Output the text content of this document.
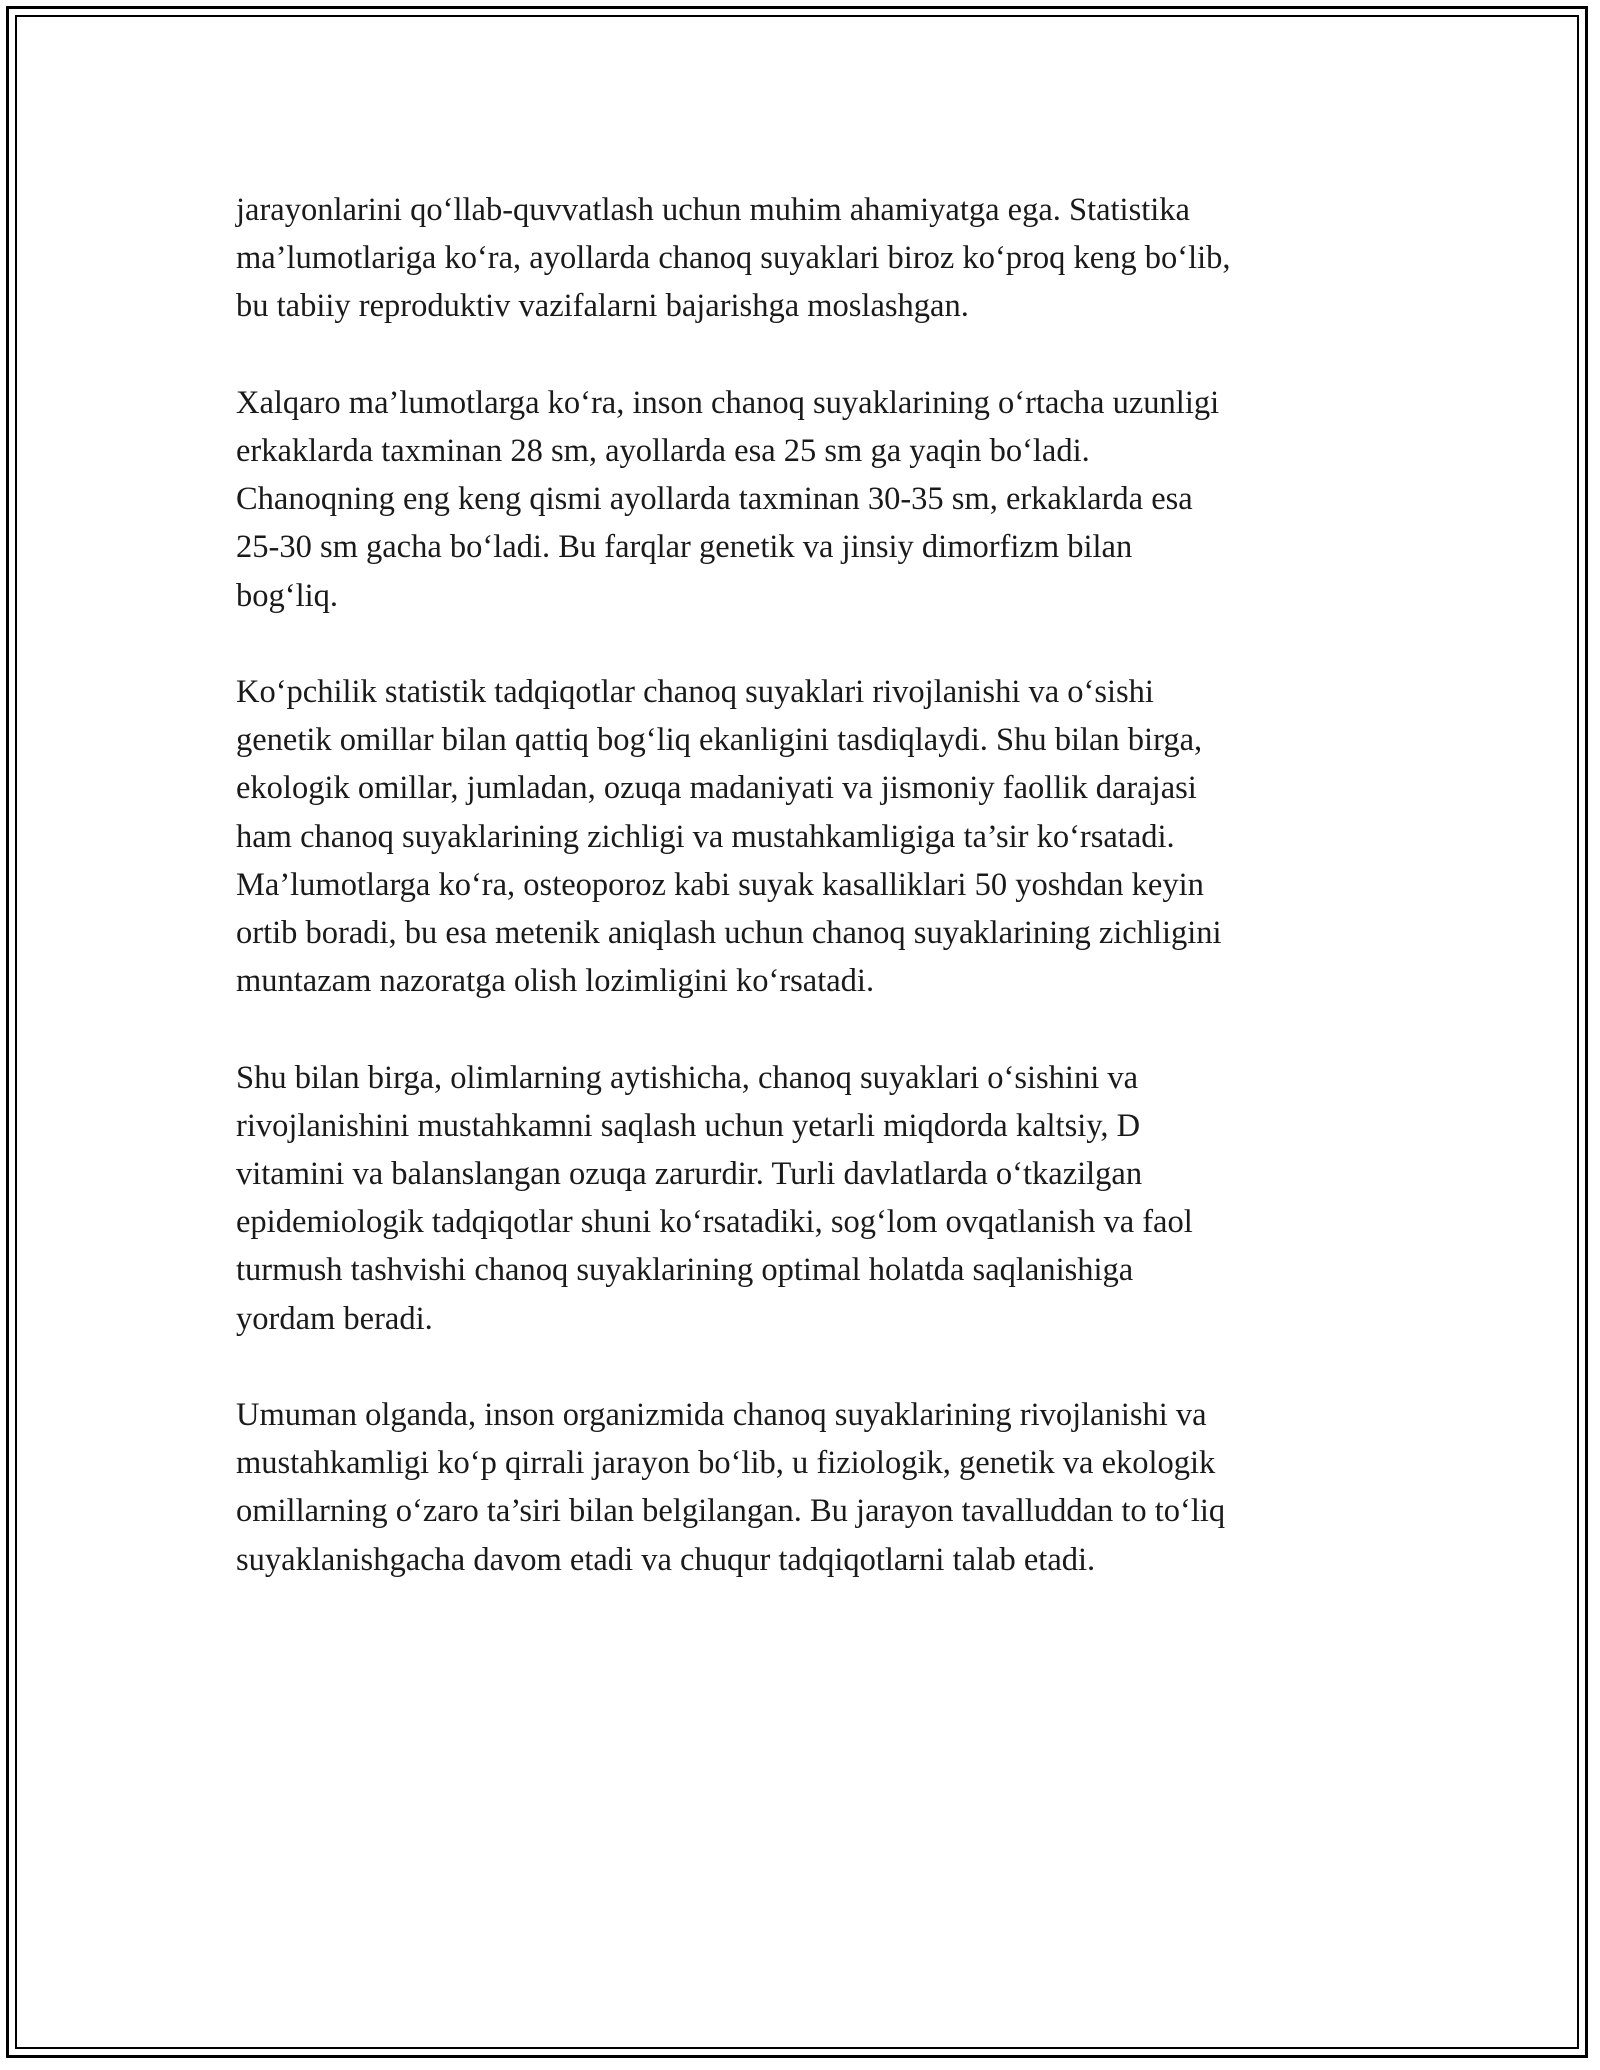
jarayonlarini qo‘llab-quvvatlash uchun muhim ahamiyatga ega. Statistika
ma’lumotlariga ko‘ra, ayollarda chanoq suyaklari biroz ko‘proq keng bo‘lib,
bu tabiiy reproduktiv vazifalarni bajarishga moslashgan.

Xalqaro ma’lumotlarga ko‘ra, inson chanoq suyaklarining o‘rtacha uzunligi
erkaklarda taxminan 28 sm, ayollarda esa 25 sm ga yaqin bo‘ladi.
Chanoqning eng keng qismi ayollarda taxminan 30-35 sm, erkaklarda esa
25-30 sm gacha bo‘ladi. Bu farqlar genetik va jinsiy dimorfizm bilan
bog‘liq.

Ko‘pchilik statistik tadqiqotlar chanoq suyaklari rivojlanishi va o‘sishi
genetik omillar bilan qattiq bog‘liq ekanligini tasdiqlaydi. Shu bilan birga,
ekologik omillar, jumladan, ozuqa madaniyati va jismoniy faollik darajasi
ham chanoq suyaklarining zichligi va mustahkamligiga ta’sir ko‘rsatadi.
Ma’lumotlarga ko‘ra, osteoporoz kabi suyak kasalliklari 50 yoshdan keyin
ortib boradi, bu esa metenik aniqlash uchun chanoq suyaklarining zichligini
muntazam nazoratga olish lozimligini ko‘rsatadi.

Shu bilan birga, olimlarning aytishicha, chanoq suyaklari o‘sishini va
rivojlanishini mustahkamni saqlash uchun yetarli miqdorda kaltsiy, D
vitamini va balanslangan ozuqa zarurdir. Turli davlatlarda o‘tkazilgan
epidemiologik tadqiqotlar shuni ko‘rsatadiki, sog‘lom ovqatlanish va faol
turmush tashvishi chanoq suyaklarining optimal holatda saqlanishiga
yordam beradi.

Umuman olganda, inson organizmida chanoq suyaklarining rivojlanishi va
mustahkamligi ko‘p qirrali jarayon bo‘lib, u fiziologik, genetik va ekologik
omillarning o‘zaro ta’siri bilan belgilangan. Bu jarayon tavalluddan to to‘liq
suyaklanishgacha davom etadi va chuqur tadqiqotlarni talab etadi.
